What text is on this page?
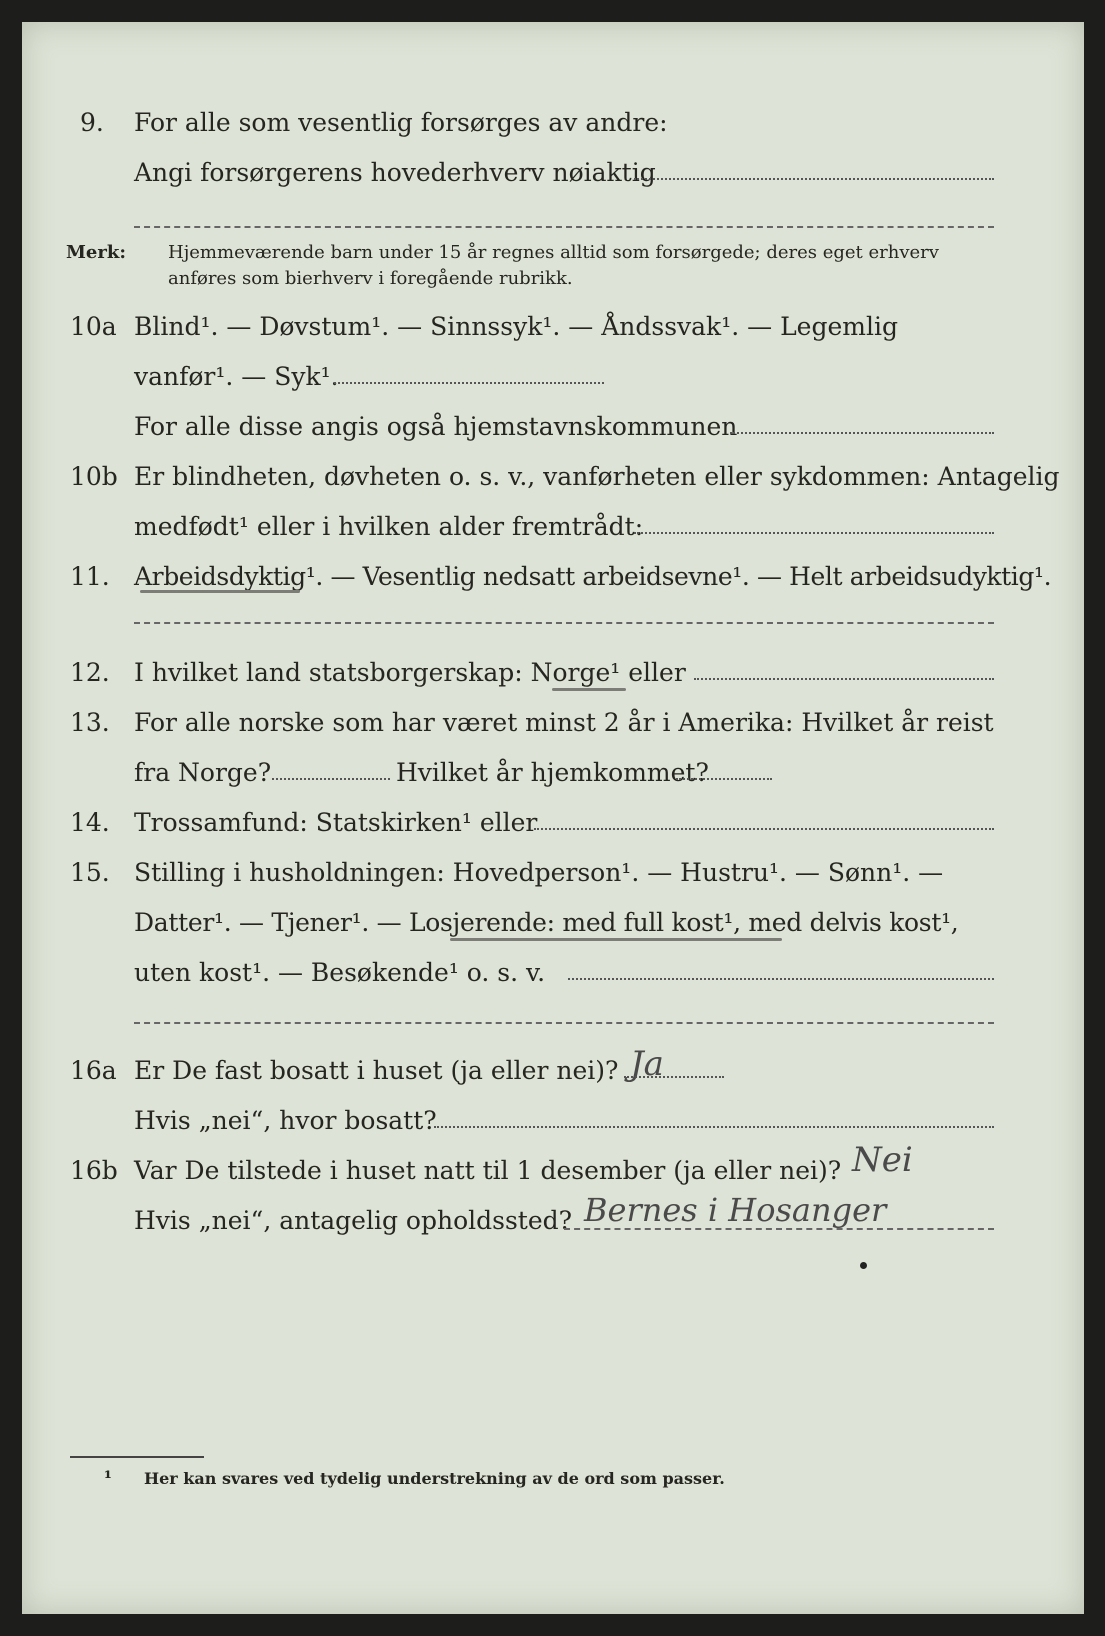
9. For alle som vesentlig forsørges av andre:
Angi forsørgerens hovederhverv nøiaktig
Merk: Hjemmeværende barn under 15 år regnes alltid som forsørgede; deres eget erhverv
anføres som bierhverv i foregående rubrikk.
10a Blind¹. — Døvstum¹. — Sinnssyk¹. — Åndssvak¹. — Legemlig
vanfør¹. — Syk¹.
For alle disse angis også hjemstavnskommunen
10b Er blindheten, døvheten o. s. v., vanførheten eller sykdommen: Antagelig
medfødt¹ eller i hvilken alder fremtrådt:
11. Arbeidsdyktig¹. — Vesentlig nedsatt arbeidsevne¹. — Helt arbeidsudyktig¹.
12. I hvilket land statsborgerskap: Norge¹ eller
13. For alle norske som har været minst 2 år i Amerika: Hvilket år reist
fra Norge?	Hvilket år hjemkommet?
14. Trossamfund: Statskirken¹ eller
15. Stilling i husholdningen: Hovedperson¹. — Hustru¹. — Sønn¹. —
Datter¹. — Tjener¹. — Losjerende: med full kost¹, med delvis kost¹,
uten kost¹. — Besøkende¹ o. s. v.
16a Er De fast bosatt i huset (ja eller nei)? Ja
Hvis „nei“, hvor bosatt?
16b Var De tilstede i huset natt til 1 desember (ja eller nei)? Nei
Hvis „nei“, antagelig opholdssted? Bernes i Hosanger
¹ Her kan svares ved tydelig understrekning av de ord som passer.
